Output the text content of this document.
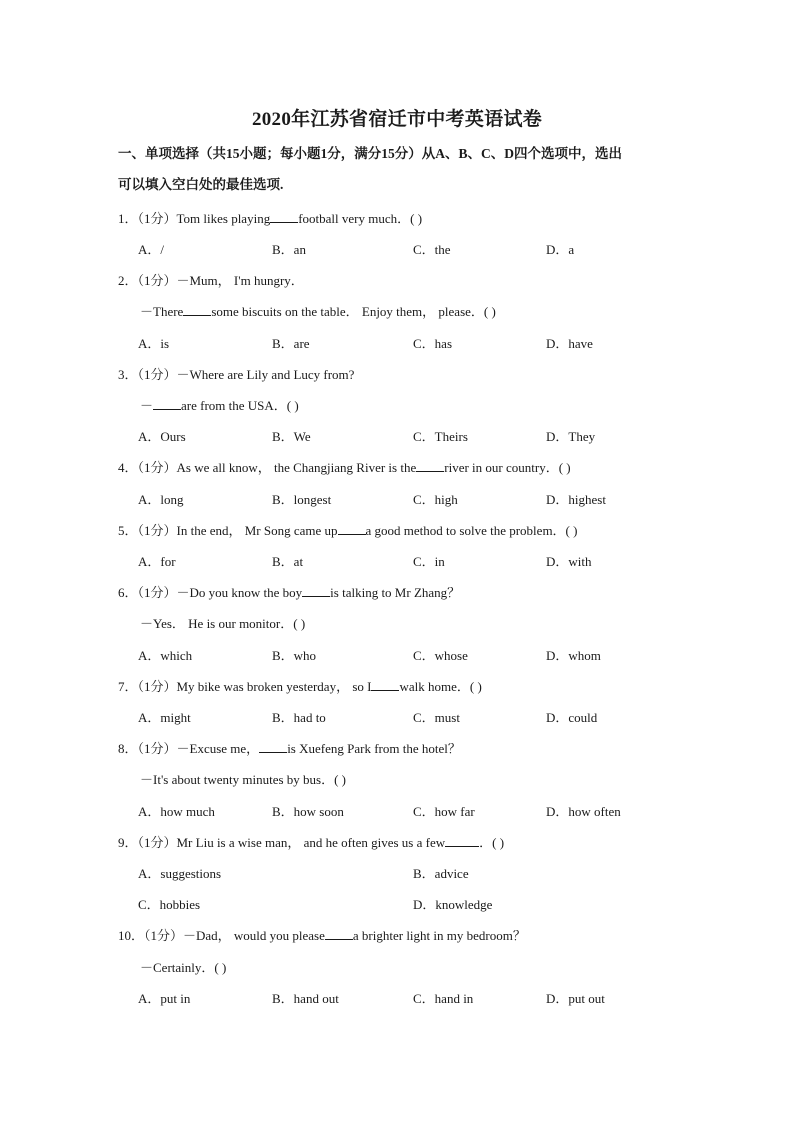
2020年江苏省宿迁市中考英语试卷
一、单项选择（共15小题；每小题1分，满分15分）从A、B、C、D四个选项中，选出
可以填入空白处的最佳选项.
1．（1分）Tom likes playing football very much．( )
A．/	B．an	C．the	D．a
2．（1分）－Mum， I'm hungry．
－There some biscuits on the table． Enjoy them， please．( )
A．is	B．are	C．has	D．have
3．（1分）－Where are Lily and Lucy from?
－ are from the USA．( )
A．Ours	B．We	C．Theirs	D．They
4．（1分）As we all know， the Changjiang River is the river in our country．( )
A．long	B．longest	C．high	D．highest
5．（1分）In the end， Mr Song came up a good method to solve the problem．( )
A．for	B．at	C．in	D．with
6．（1分）－Do you know the boy is talking to Mr Zhang？
－Yes． He is our monitor．( )
A．which	B．who	C．whose	D．whom
7．（1分）My bike was broken yesterday， so I walk home．( )
A．might	B．had to	C．must	D．could
8．（1分）－Excuse me， is Xuefeng Park from the hotel？
－It's about twenty minutes by bus．( )
A．how much	B．how soon	C．how far	D．how often
9．（1分）Mr Liu is a wise man， and he often gives us a few	．( )
A．suggestions	B．advice
C．hobbies	D．knowledge
10．（1分）－Dad， would you please a brighter light in my bedroom？
－Certainly．( )
A．put in	B．hand out	C．hand in	D．put out
